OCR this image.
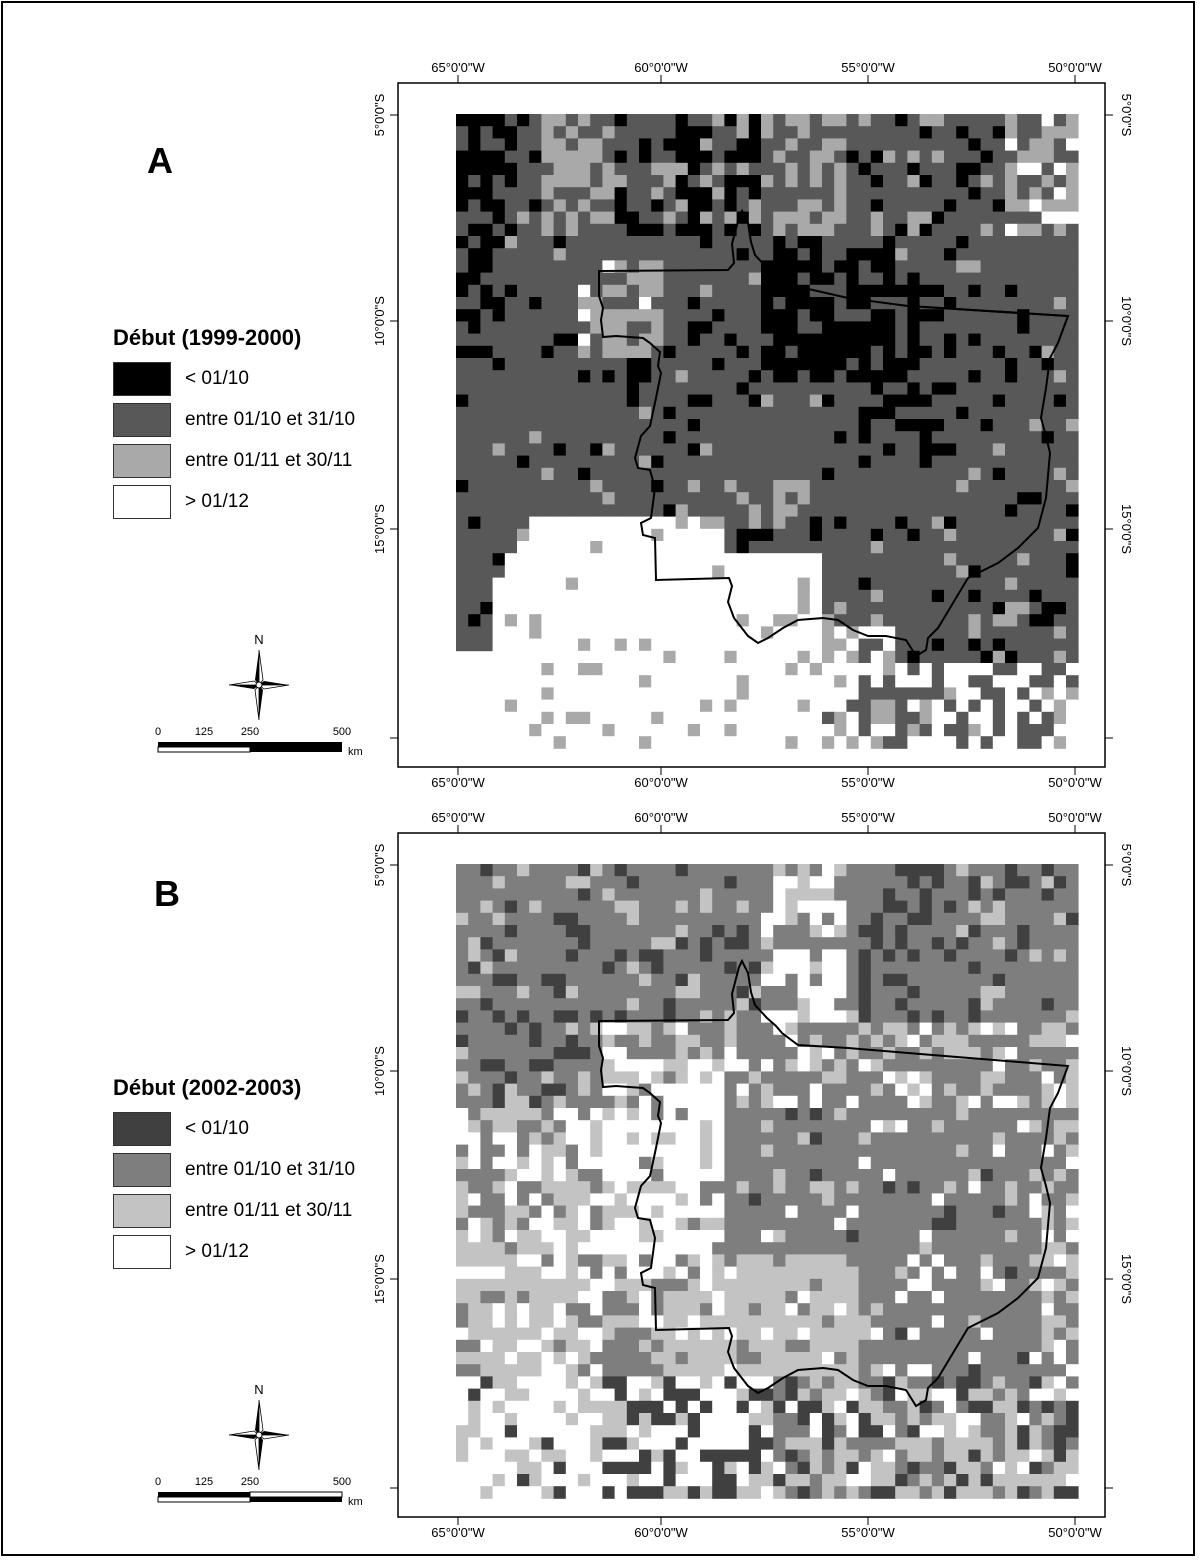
A
Début (1999-2000)
< 01/10
entre 01/10 et 31/10
entre 01/11 et 30/11
> 01/12
N
0	125	250	500
km
65°0'0"W
65°0'0"W
60°0'0"W
60°0'0"W
55°0'0"W
55°0'0"W
50°0'0"W
50°0'0"W
5°0'0"S	5°0'0"S
10°0'0"S	10°0'0"S
15°0'0"S	15°0'0"S
B
Début (2002-2003)
< 01/10
entre 01/10 et 31/10
entre 01/11 et 30/11
> 01/12
N
0	125	250	500
km
65°0'0"W
65°0'0"W
60°0'0"W
60°0'0"W
55°0'0"W
55°0'0"W
50°0'0"W
50°0'0"W
5°0'0"S	5°0'0"S
10°0'0"S	10°0'0"S
15°0'0"S	15°0'0"S
